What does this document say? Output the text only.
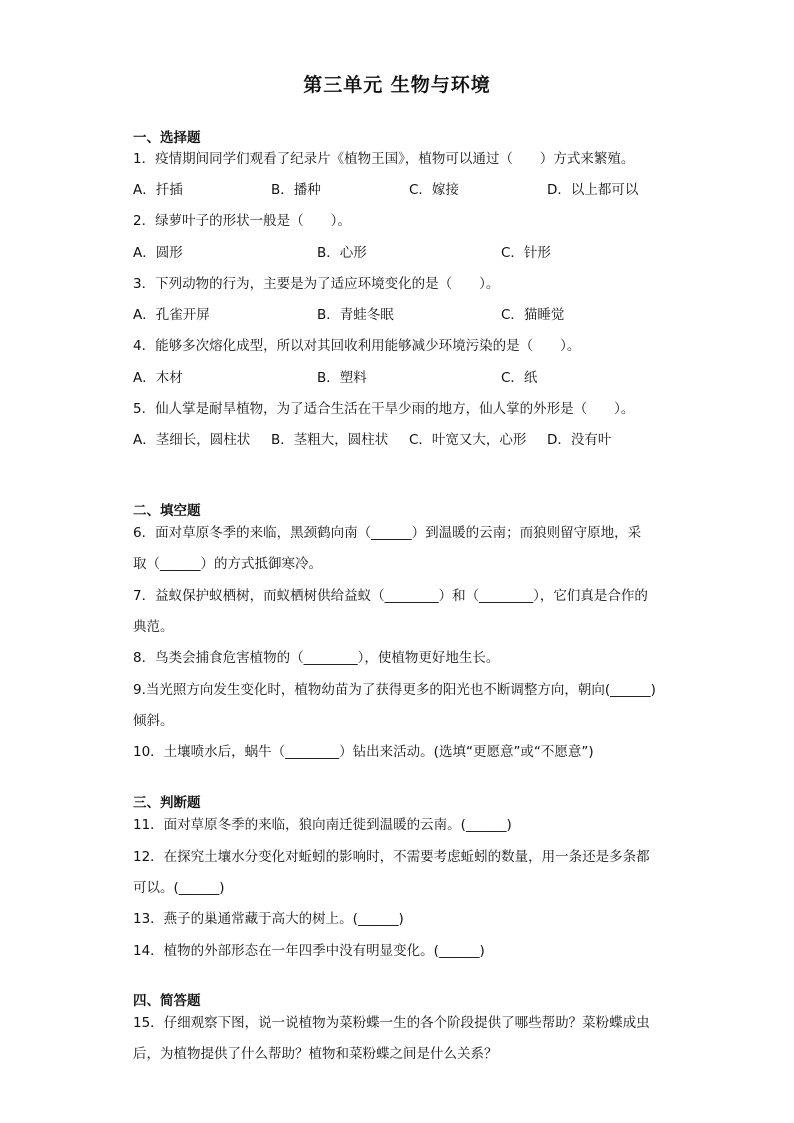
第三单元 生物与环境
一、选择题
1．疫情期间同学们观看了纪录片《植物王国》，植物可以通过（　　）方式来繁殖。
A．扦插	B．播种	C．嫁接	D．以上都可以
2．绿萝叶子的形状一般是（　　）。
A．圆形	B．心形	C．针形
3．下列动物的行为，主要是为了适应环境变化的是（　　）。
A．孔雀开屏	B．青蛙冬眠	C．猫睡觉
4．能够多次熔化成型，所以对其回收利用能够减少环境污染的是（　　）。
A．木材	B．塑料	C．纸
5．仙人掌是耐旱植物，为了适合生活在干旱少雨的地方，仙人掌的外形是（　　）。
A．茎细长，圆柱状 B．茎粗大，圆柱状 C．叶宽又大，心形 D．没有叶
二、填空题
6．面对草原冬季的来临，黑颈鹤向南（______）到温暖的云南；而狼则留守原地，采
取（______）的方式抵御寒冷。
7．益蚁保护蚁栖树，而蚁栖树供给益蚁（________）和（________），它们真是合作的
典范。
8．鸟类会捕食危害植物的（________），使植物更好地生长。
9.当光照方向发生变化时，植物幼苗为了获得更多的阳光也不断调整方向，朝向(______)
倾斜。
10．土壤喷水后，蜗牛（________）钻出来活动。(选填“更愿意”或“不愿意”)
三、判断题
11．面对草原冬季的来临，狼向南迁徙到温暖的云南。(______)
12．在探究土壤水分变化对蚯蚓的影响时，不需要考虑蚯蚓的数量，用一条还是多条都
可以。(______)
13．燕子的巢通常藏于高大的树上。(______)
14．植物的外部形态在一年四季中没有明显变化。(______)
四、简答题
15．仔细观察下图，说一说植物为菜粉蝶一生的各个阶段提供了哪些帮助？菜粉蝶成虫
后，为植物提供了什么帮助？植物和菜粉蝶之间是什么关系？
